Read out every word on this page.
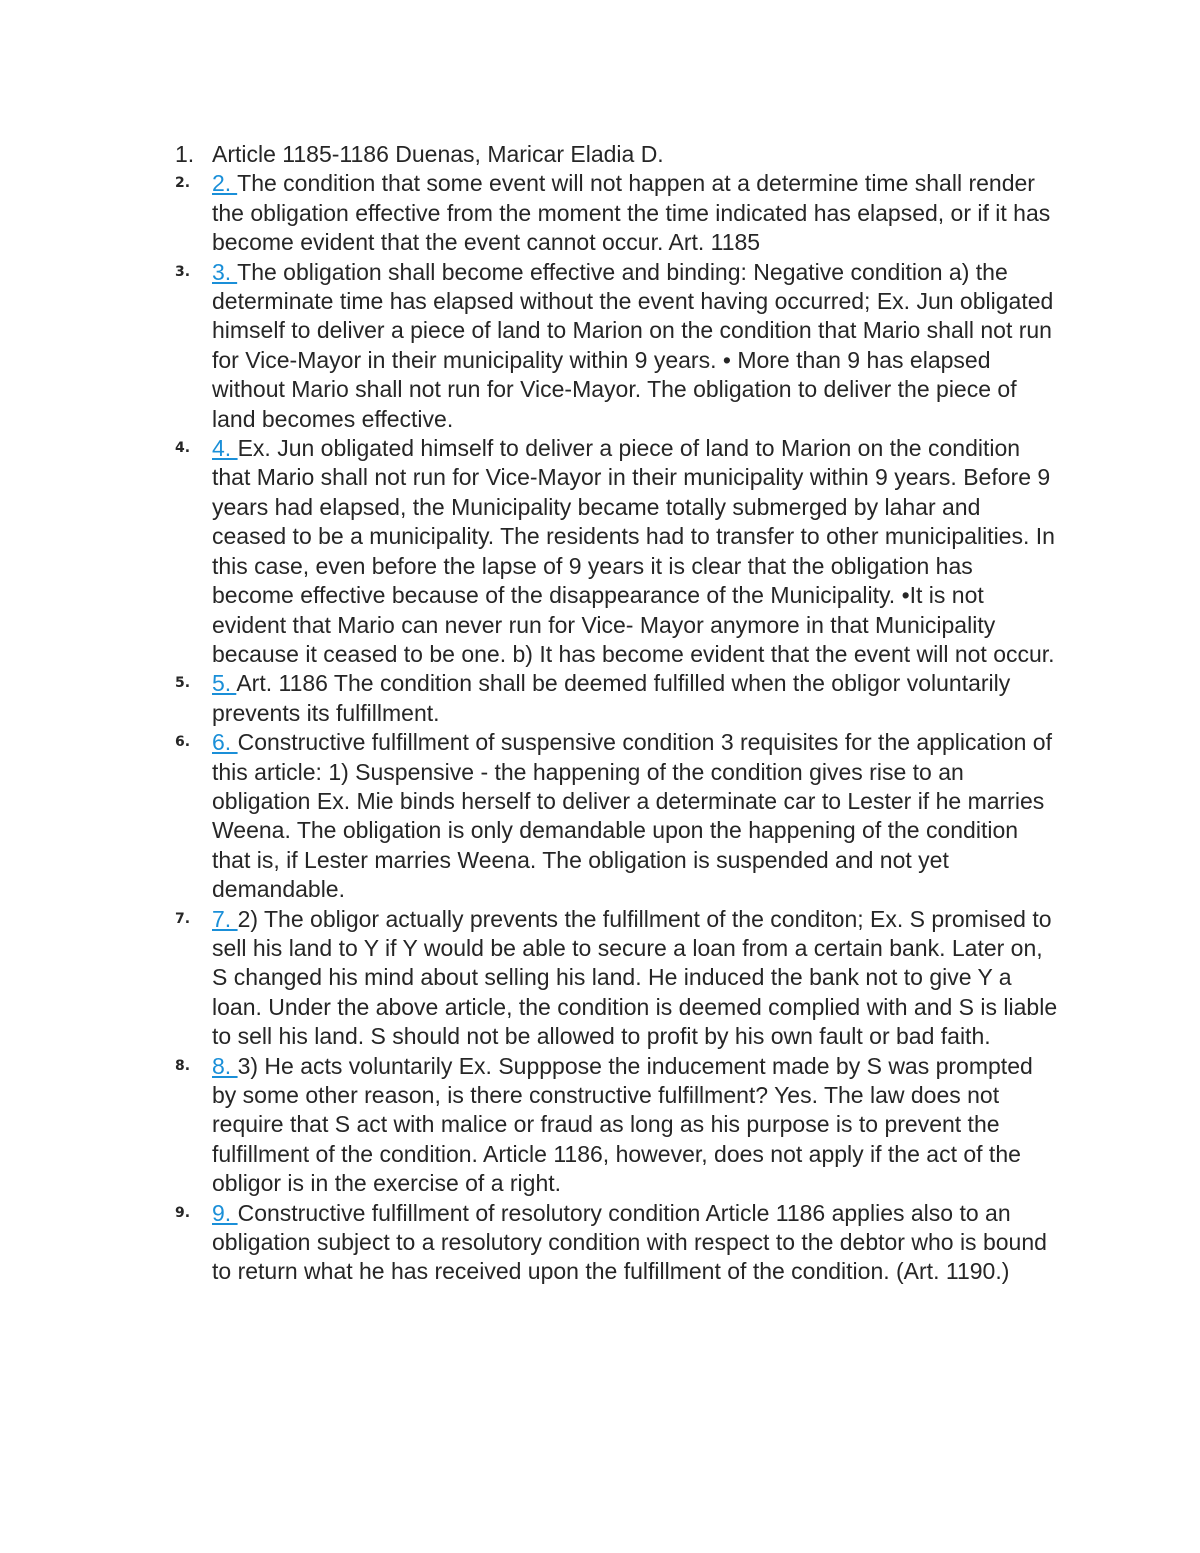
1. Article 1185-1186 Duenas, Maricar Eladia D.
2. 2. The condition that some event will not happen at a determine time shall render the obligation effective from the moment the time indicated has elapsed, or if it has become evident that the event cannot occur. Art. 1185
3. 3. The obligation shall become effective and binding: Negative condition a) the determinate time has elapsed without the event having occurred; Ex. Jun obligated himself to deliver a piece of land to Marion on the condition that Mario shall not run for Vice-Mayor in their municipality within 9 years. • More than 9 has elapsed without Mario shall not run for Vice-Mayor. The obligation to deliver the piece of land becomes effective.
4. 4. Ex. Jun obligated himself to deliver a piece of land to Marion on the condition that Mario shall not run for Vice-Mayor in their municipality within 9 years. Before 9 years had elapsed, the Municipality became totally submerged by lahar and ceased to be a municipality. The residents had to transfer to other municipalities. In this case, even before the lapse of 9 years it is clear that the obligation has become effective because of the disappearance of the Municipality. •It is not evident that Mario can never run for Vice- Mayor anymore in that Municipality because it ceased to be one. b) It has become evident that the event will not occur.
5. 5. Art. 1186 The condition shall be deemed fulfilled when the obligor voluntarily prevents its fulfillment.
6. 6. Constructive fulfillment of suspensive condition 3 requisites for the application of this article: 1) Suspensive - the happening of the condition gives rise to an obligation Ex. Mie binds herself to deliver a determinate car to Lester if he marries Weena. The obligation is only demandable upon the happening of the condition that is, if Lester marries Weena. The obligation is suspended and not yet demandable.
7. 7. 2) The obligor actually prevents the fulfillment of the conditon; Ex. S promised to sell his land to Y if Y would be able to secure a loan from a certain bank. Later on, S changed his mind about selling his land. He induced the bank not to give Y a loan. Under the above article, the condition is deemed complied with and S is liable to sell his land. S should not be allowed to profit by his own fault or bad faith.
8. 8. 3) He acts voluntarily Ex. Supppose the inducement made by S was prompted by some other reason, is there constructive fulfillment? Yes. The law does not require that S act with malice or fraud as long as his purpose is to prevent the fulfillment of the condition. Article 1186, however, does not apply if the act of the obligor is in the exercise of a right.
9. 9. Constructive fulfillment of resolutory condition Article 1186 applies also to an obligation subject to a resolutory condition with respect to the debtor who is bound to return what he has received upon the fulfillment of the condition. (Art. 1190.)
